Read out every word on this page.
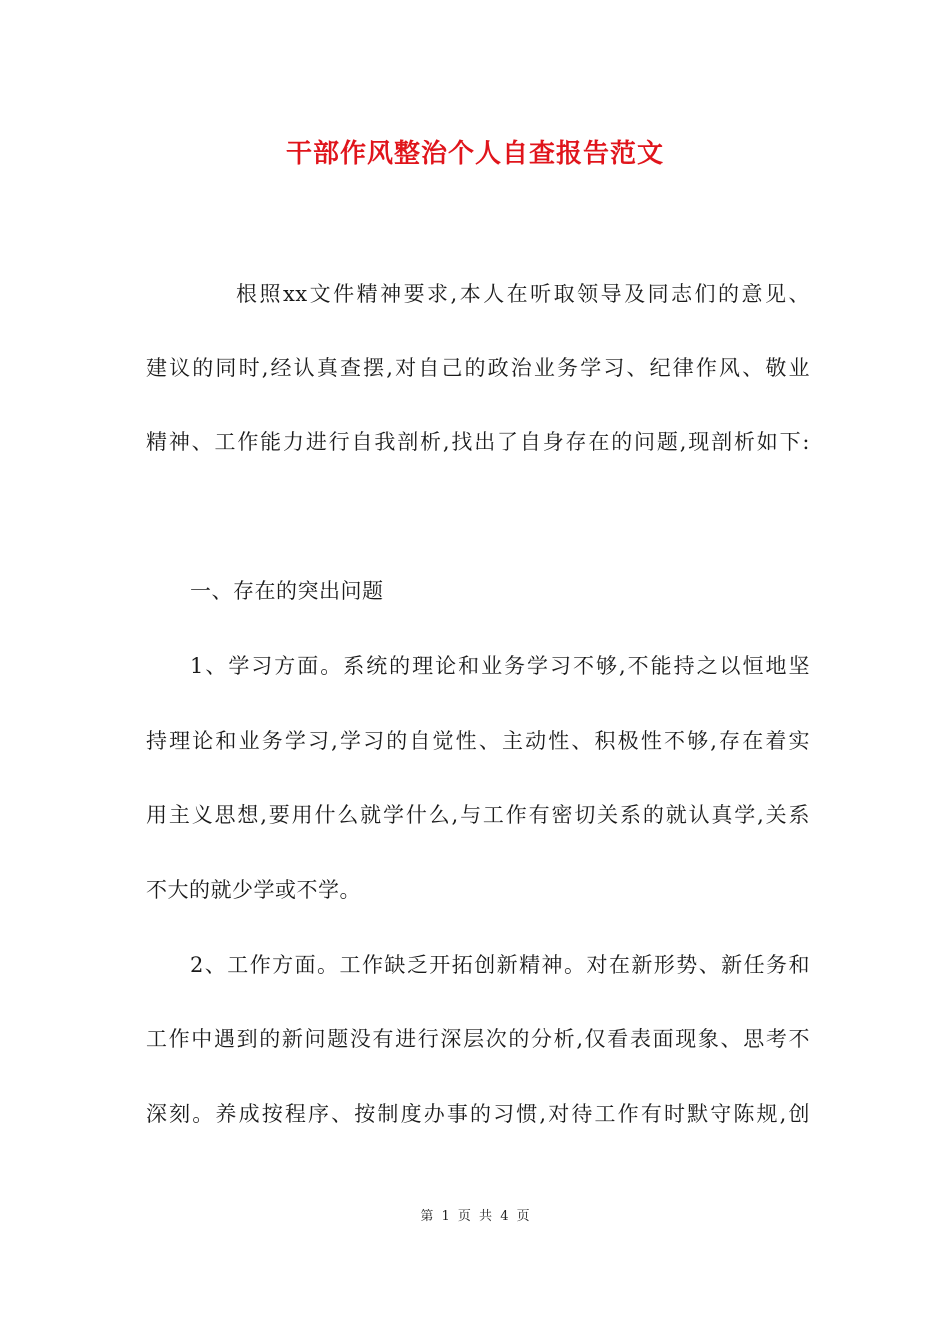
干部作风整治个人自查报告范文
根照xx文件精神要求,本人在听取领导及同志们的意见、
建议的同时,经认真查摆,对自己的政治业务学习、纪律作风、敬业
精神、工作能力进行自我剖析,找出了自身存在的问题,现剖析如下:
一、存在的突出问题
1、学习方面。系统的理论和业务学习不够,不能持之以恒地坚
持理论和业务学习,学习的自觉性、主动性、积极性不够,存在着实
用主义思想,要用什么就学什么,与工作有密切关系的就认真学,关系
不大的就少学或不学。
2、工作方面。工作缺乏开拓创新精神。对在新形势、新任务和
工作中遇到的新问题没有进行深层次的分析,仅看表面现象、思考不
深刻。养成按程序、按制度办事的习惯,对待工作有时默守陈规,创
第 1 页 共 4 页
